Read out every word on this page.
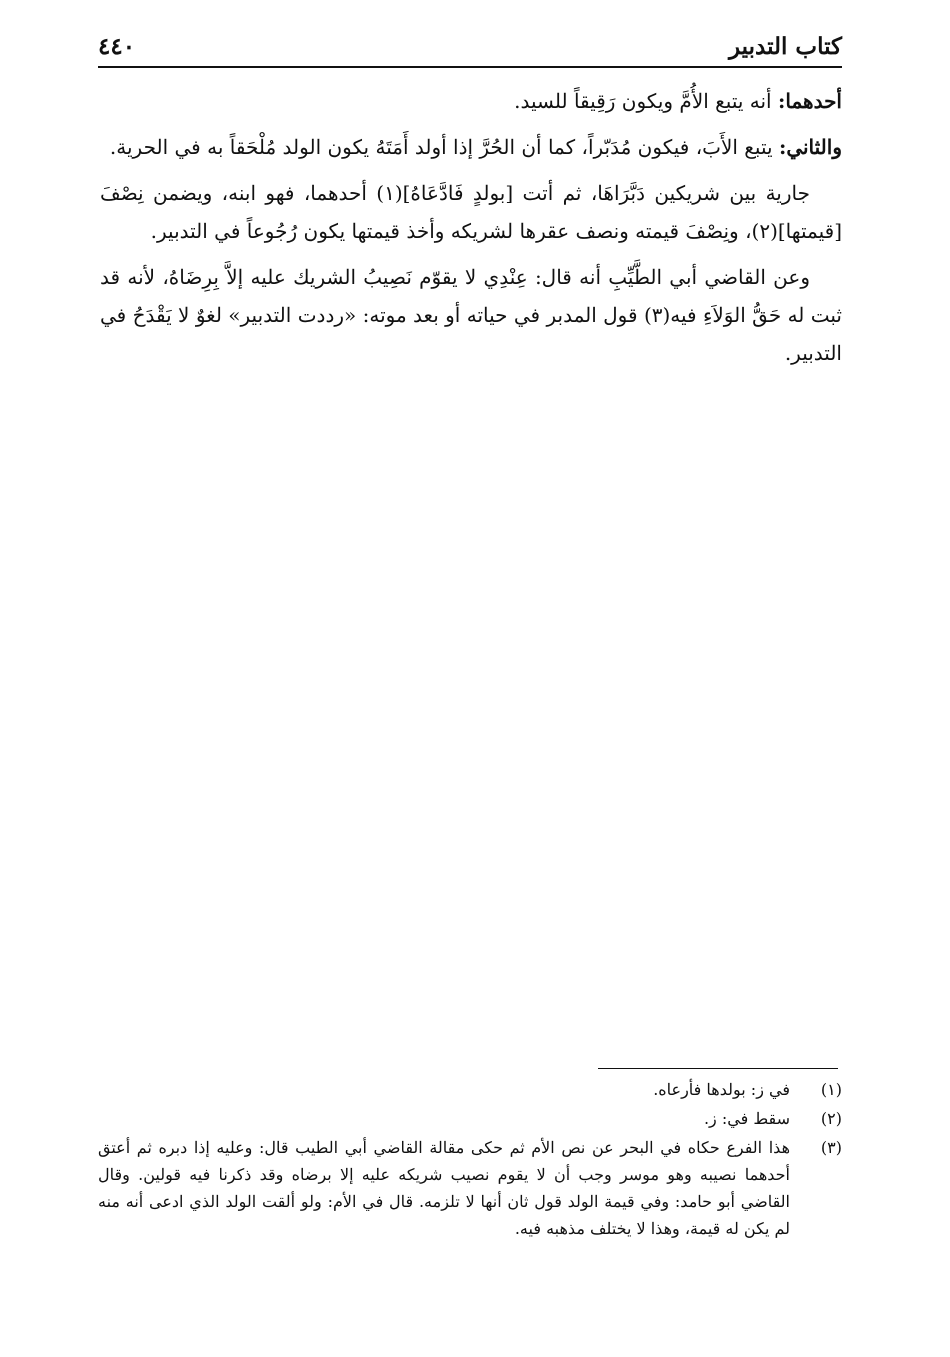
كتاب التدبير
٤٤٠

أحدهما: أنه يتبع الأُمَّ ويكون رَقِيقاً للسيد.

والثاني: يتبع الأَبَ، فيكون مُدَبّراً، كما أن الحُرَّ إذا أولد أَمَتَهُ يكون الولد مُلْحَقاً به في الحرية.

جارية بين شريكين دَبَّرَاهَا، ثم أتت [بولدٍ فَادَّعَاهُ](١) أحدهما، فهو ابنه، ويضمن نِصْفَ [قيمتها](٢)، ونِصْفَ قيمته ونصف عقرها لشريكه وأخذ قيمتها يكون رُجُوعاً في التدبير.

وعن القاضي أبي الطَّيِّبِ أنه قال: عِنْدِي لا يقوّم نَصِيبُ الشريك عليه إلاَّ بِرِضَاهُ، لأنه قد ثبت له حَقُّ الوَلاَءِ فيه(٣) قول المدبر في حياته أو بعد موته: «رددت التدبير» لغوٌ لا يَقْدَحُ في التدبير.

(١)
في ز: بولدها فأرعاه.
(٢)
سقط في: ز.
(٣)
هذا الفرع حكاه في البحر عن نص الأم ثم حكى مقالة القاضي أبي الطيب قال: وعليه إذا دبره ثم أعتق أحدهما نصيبه وهو موسر وجب أن لا يقوم نصيب شريكه عليه إلا برضاه وقد ذكرنا فيه قولين. وقال القاضي أبو حامد: وفي قيمة الولد قول ثان أنها لا تلزمه. قال في الأم: ولو ألقت الولد الذي ادعى أنه منه لم يكن له قيمة، وهذا لا يختلف مذهبه فيه.
